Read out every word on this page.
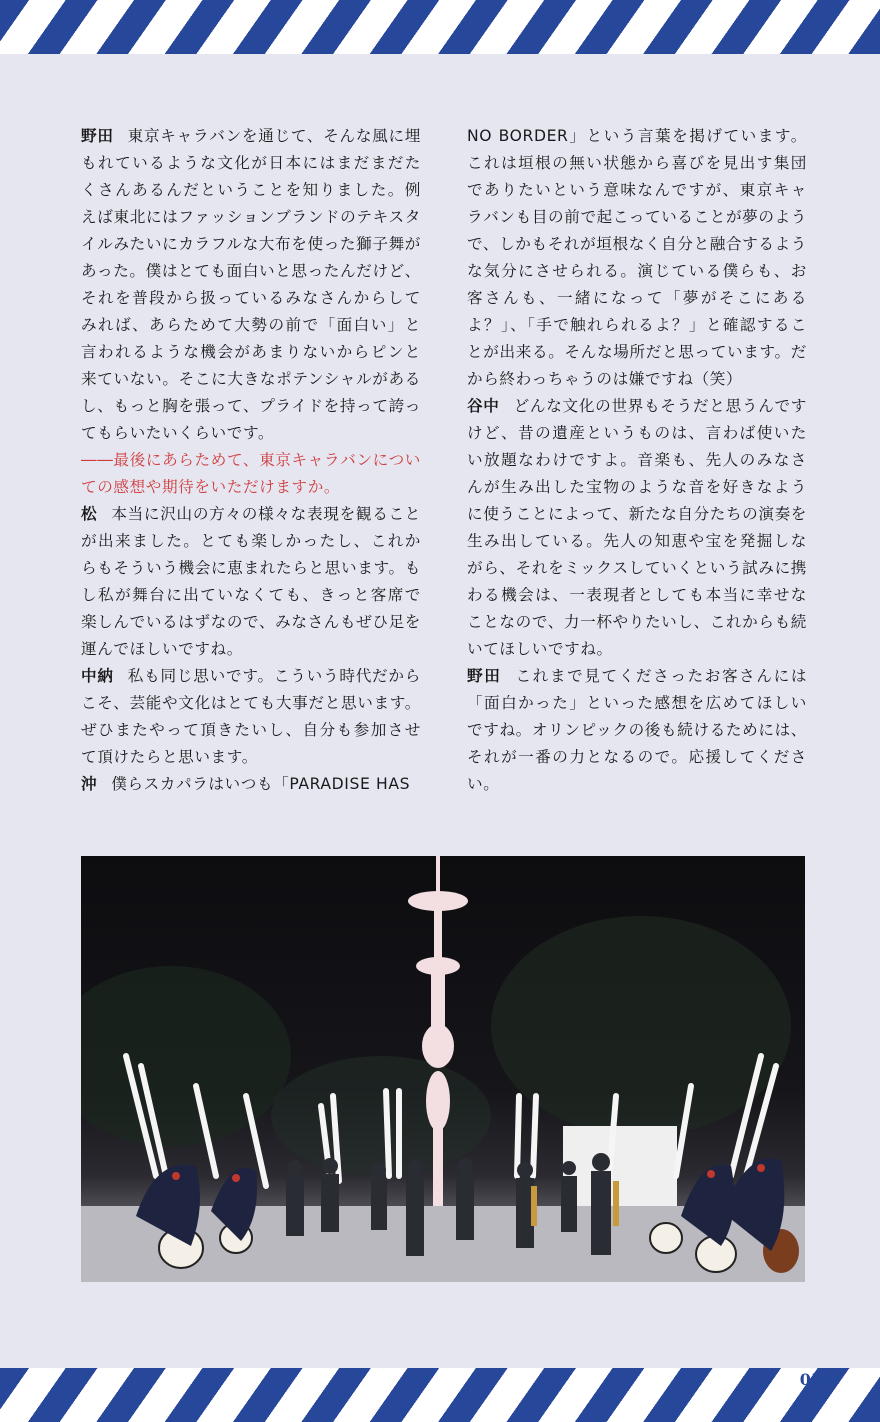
野田 東京キャラバンを通じて、そんな風に埋もれているような文化が日本にはまだまだたくさんあるんだということを知りました。例えば東北にはファッションブランドのテキスタイルみたいにカラフルな大布を使った獅子舞があった。僕はとても面白いと思ったんだけど、それを普段から扱っているみなさんからしてみれば、あらためて大勢の前で「面白い」と言われるような機会があまりないからピンと来ていない。そこに大きなポテンシャルがあるし、もっと胸を張って、プライドを持って誇ってもらいたいくらいです。

――最後にあらためて、東京キャラバンについての感想や期待をいただけますか。

松 本当に沢山の方々の様々な表現を観ることが出来ました。とても楽しかったし、これからもそういう機会に恵まれたらと思います。もし私が舞台に出ていなくても、きっと客席で楽しんでいるはずなので、みなさんもぜひ足を運んでほしいですね。

中納 私も同じ思いです。こういう時代だからこそ、芸能や文化はとても大事だと思います。ぜひまたやって頂きたいし、自分も参加させて頂けたらと思います。

沖 僕らスカパラはいつも「PARADISE HAS

NO BORDER」という言葉を掲げています。これは垣根の無い状態から喜びを見出す集団でありたいという意味なんですが、東京キャラバンも目の前で起こっていることが夢のようで、しかもそれが垣根なく自分と融合するような気分にさせられる。演じている僕らも、お客さんも、一緒になって「夢がそこにあるよ？」、「手で触れられるよ？」と確認することが出来る。そんな場所だと思っています。だから終わっちゃうのは嫌ですね（笑）

谷中 どんな文化の世界もそうだと思うんですけど、昔の遺産というものは、言わば使いたい放題なわけですよ。音楽も、先人のみなさんが生み出した宝物のような音を好きなように使うことによって、新たな自分たちの演奏を生み出している。先人の知恵や宝を発掘しながら、それをミックスしていくという試みに携わる機会は、一表現者としても本当に幸せなことなので、力一杯やりたいし、これからも続いてほしいですね。

野田 これまで見てくださったお客さんには「面白かった」といった感想を広めてほしいですね。オリンピックの後も続けるためには、それが一番の力となるので。応援してください。

05
